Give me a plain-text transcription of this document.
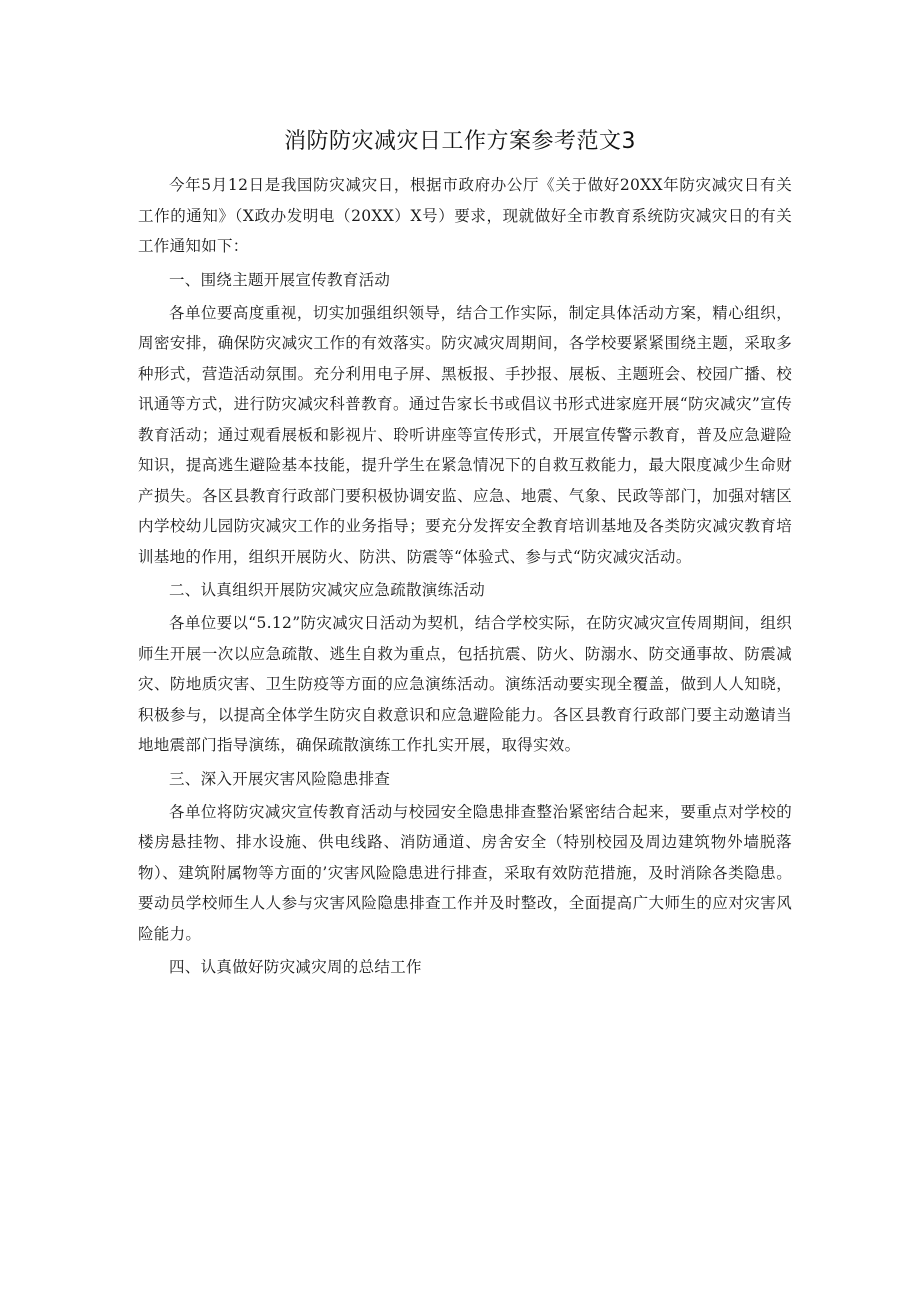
消防防灾减灾日工作方案参考范文3

今年5月12日是我国防灾减灾日，根据市政府办公厅《关于做好20XX年防灾减灾日有关工作的通知》（X政办发明电（20XX）X号）要求，现就做好全市教育系统防灾减灾日的有关工作通知如下：

一、围绕主题开展宣传教育活动

各单位要高度重视，切实加强组织领导，结合工作实际，制定具体活动方案，精心组织，周密安排，确保防灾减灾工作的有效落实。防灾减灾周期间，各学校要紧紧围绕主题，采取多种形式，营造活动氛围。充分利用电子屏、黑板报、手抄报、展板、主题班会、校园广播、校讯通等方式，进行防灾减灾科普教育。通过告家长书或倡议书形式进家庭开展“防灾减灾”宣传教育活动；通过观看展板和影视片、聆听讲座等宣传形式，开展宣传警示教育，普及应急避险知识，提高逃生避险基本技能，提升学生在紧急情况下的自救互救能力，最大限度减少生命财产损失。各区县教育行政部门要积极协调安监、应急、地震、气象、民政等部门，加强对辖区内学校幼儿园防灾减灾工作的业务指导；要充分发挥安全教育培训基地及各类防灾减灾教育培训基地的作用，组织开展防火、防洪、防震等“体验式、参与式“防灾减灾活动。

二、认真组织开展防灾减灾应急疏散演练活动

各单位要以“5.12”防灾减灾日活动为契机，结合学校实际，在防灾减灾宣传周期间，组织师生开展一次以应急疏散、逃生自救为重点，包括抗震、防火、防溺水、防交通事故、防震减灾、防地质灾害、卫生防疫等方面的应急演练活动。演练活动要实现全覆盖，做到人人知晓，积极参与，以提高全体学生防灾自救意识和应急避险能力。各区县教育行政部门要主动邀请当地地震部门指导演练，确保疏散演练工作扎实开展，取得实效。

三、深入开展灾害风险隐患排查

各单位将防灾减灾宣传教育活动与校园安全隐患排查整治紧密结合起来，要重点对学校的楼房悬挂物、排水设施、供电线路、消防通道、房舍安全（特别校园及周边建筑物外墙脱落物）、建筑附属物等方面的’灾害风险隐患进行排查，采取有效防范措施，及时消除各类隐患。要动员学校师生人人参与灾害风险隐患排查工作并及时整改，全面提高广大师生的应对灾害风险能力。

四、认真做好防灾减灾周的总结工作
